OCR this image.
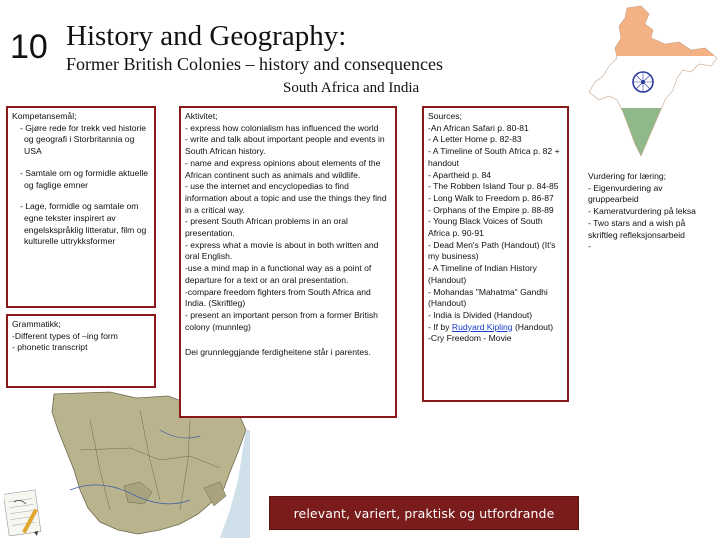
10 History and Geography:
Former British Colonies – history and consequences
South Africa and India

Kompetansemål;

- Gjøre rede for trekk ved historie og geografi i Storbritannia og USA

- Samtale om og formidle aktuelle og faglige emner

- Lage, formidle og samtale om egne tekster inspirert av engelskspråklig litteratur, film og kulturelle uttrykksformer

Grammatikk;

-Different types of –ing form

- phonetic transcript

Aktivitet;

- express how colonialism has influenced the world

- write and talk about important people and events in South African history.

- name and express opinions about elements of the African continent such as animals and wildlife.

- use the internet and encyclopedias to find information about a topic and use the things they find in a critical way.

- present South African problems in an oral presentation.

- express what a movie is about in both written and oral English.

-use a mind map in a functional way as a point of departure for a text or an oral presentation.

-compare freedom fighters from South Africa and India. (Skriftleg)

- present an important person from a former British colony (munnleg)

Dei grunnleggjande ferdigheitene står i parentes.

Sources;

-An African Safari p. 80-81

- A Letter Home p. 82-83

- A Timeline of South Africa p. 82 + handout

- Apartheid p. 84

- The Robben Island Tour p. 84-85

- Long Walk to Freedom p. 86-87

- Orphans of the Empire p. 88-89

- Young Black Voices of South Africa p. 90-91

- Dead Men's Path (Handout) (It's my business)

- A Timeline of Indian History (Handout)

- Mohandas "Mahatma" Gandhi (Handout)

- India is Divided (Handout)

- If by Rudyard Kipling (Handout)

-Cry Freedom - Movie

Vurdering for læring;

- Eigenvurdering av gruppearbeid

- Kameratvurdering på leksa

- Two stars and a wish på skriftleg refleksjonsarbeid

-

relevant, variert, praktisk og utfordrande
